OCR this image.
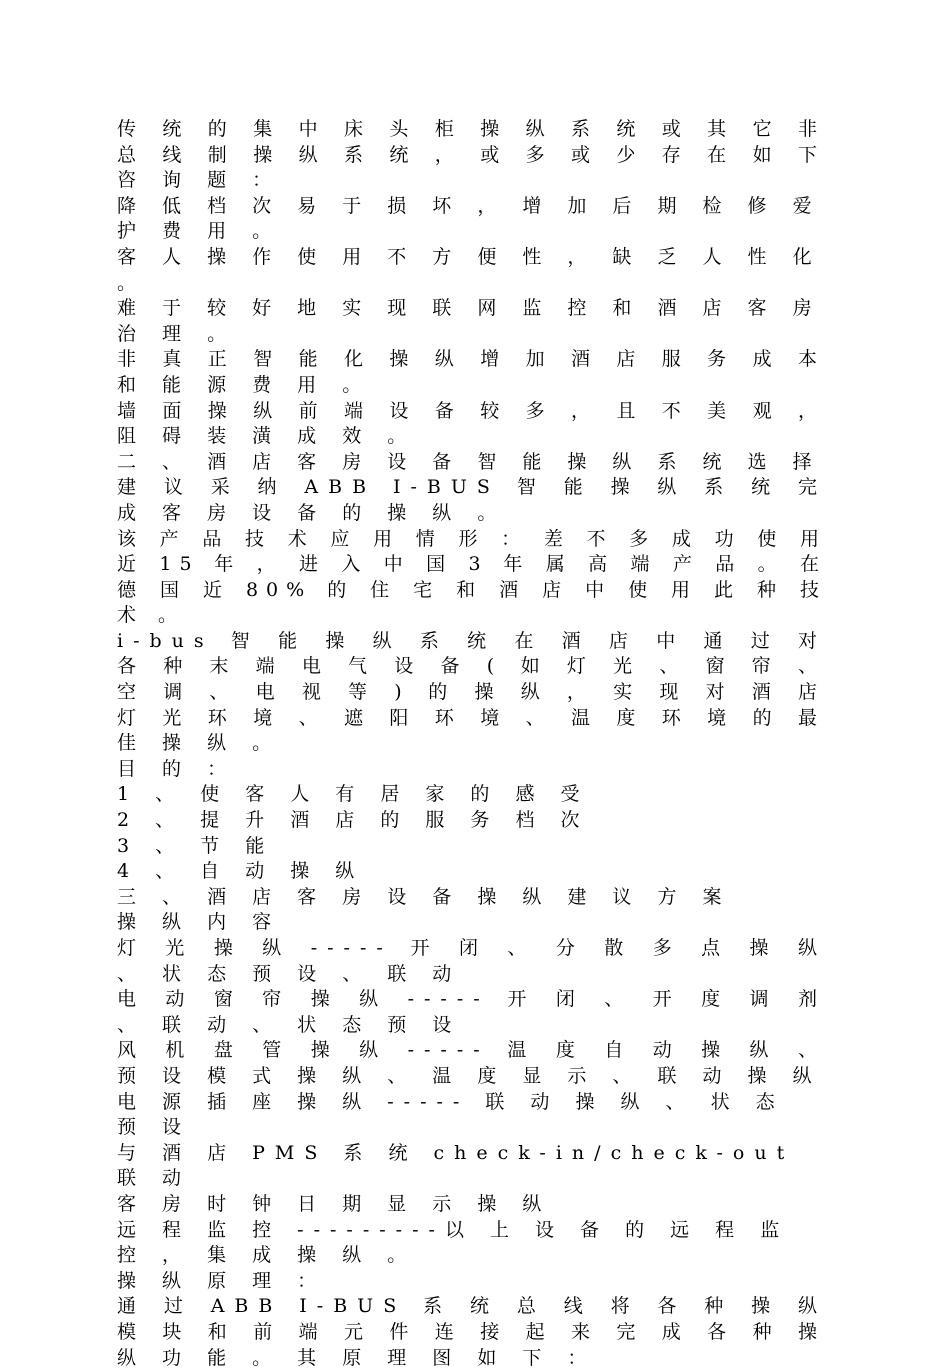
传 统 的 集 中 床 头 柜 操 纵 系 统 或 其 它 非 总 线 制 操 纵 系 统 ， 或 多 或 少 存 在 如 下 咨 询 题 ：

降 低 档 次 易 于 损 坏 ， 增 加 后 期 检 修 爱 护 费 用 。

客 人 操 作 使 用 不 方 便 性 ， 缺 乏 人 性 化 。

难 于 较 好 地 实 现 联 网 监 控 和 酒 店 客 房 治 理 。

非 真 正 智 能 化 操 纵 增 加 酒 店 服 务 成 本 和 能 源 费 用 。

墙 面 操 纵 前 端 设 备 较 多 ， 且 不 美 观 ， 阻 碍 装 潢 成 效 。

二 、 酒 店 客 房 设 备 智 能 操 纵 系 统 选 择

建 议 采 纳 ABB I-BUS 智 能 操 纵 系 统 完 成 客 房 设 备 的 操 纵 。

该 产 品 技 术 应 用 情 形 ： 差 不 多 成 功 使 用 近 15 年 ， 进 入 中 国 3 年 属 高 端 产 品 。 在 德 国 近 80% 的 住 宅 和 酒 店 中 使 用 此 种 技 术 。

i-bus 智 能 操 纵 系 统 在 酒 店 中 通 过 对 各 种 末 端 电 气 设 备 ( 如 灯 光 、 窗 帘 、 空 调 、 电 视 等 ) 的 操 纵 ， 实 现 对 酒 店 灯 光 环 境 、 遮 阳 环 境 、 温 度 环 境 的 最 佳 操 纵 。

目 的 ：

1 、 使 客 人 有 居 家 的 感 受

2 、 提 升 酒 店 的 服 务 档 次

3 、 节 能

4 、 自 动 操 纵

三 、 酒 店 客 房 设 备 操 纵 建 议 方 案

操 纵 内 容

灯 光 操 纵 ----- 开 闭 、 分 散 多 点 操 纵 、 状 态 预 设 、 联 动

电 动 窗 帘 操 纵 ----- 开 闭 、 开 度 调 剂 、 联 动 、 状 态 预 设

风 机 盘 管 操 纵 ----- 温 度 自 动 操 纵 、 预 设 模 式 操 纵 、 温 度 显 示 、 联 动 操 纵

电 源 插 座 操 纵 ----- 联 动 操 纵 、 状 态 预 设

与 酒 店 PMS 系 统 check-in/check-out 联 动

客 房 时 钟 日 期 显 示 操 纵

远 程 监 控 ---------以 上 设 备 的 远 程 监 控 ， 集 成 操 纵 。

操 纵 原 理 ：

通 过 ABB I-BUS 系 统 总 线 将 各 种 操 纵 模 块 和 前 端 元 件 连 接 起 来 完 成 各 种 操 纵 功 能 。 其 原 理 图 如 下 ：
